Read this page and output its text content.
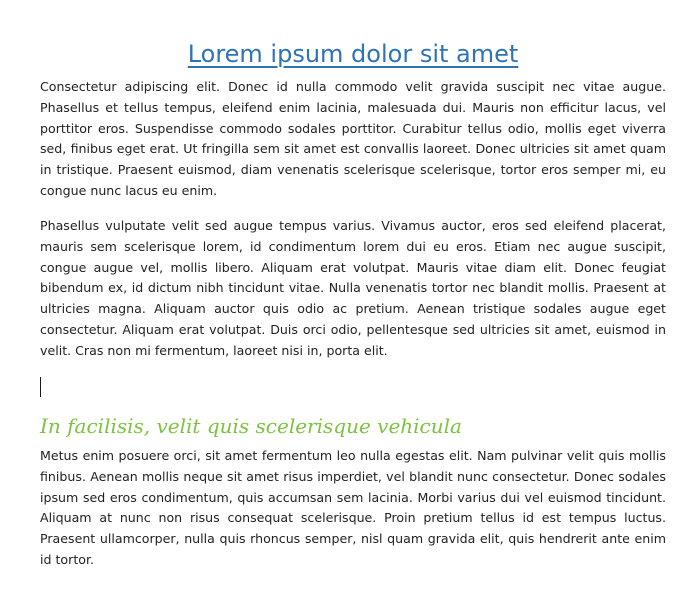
Lorem ipsum dolor sit amet

Consectetur adipiscing elit. Donec id nulla commodo velit gravida suscipit nec vitae augue. Phasellus et tellus tempus, eleifend enim lacinia, malesuada dui. Mauris non efficitur lacus, vel porttitor eros. Suspendisse commodo sodales porttitor. Curabitur tellus odio, mollis eget viverra sed, finibus eget erat. Ut fringilla sem sit amet est convallis laoreet. Donec ultricies sit amet quam in tristique. Praesent euismod, diam venenatis scelerisque scelerisque, tortor eros semper mi, eu congue nunc lacus eu enim.

Phasellus vulputate velit sed augue tempus varius. Vivamus auctor, eros sed eleifend placerat, mauris sem scelerisque lorem, id condimentum lorem dui eu eros. Etiam nec augue suscipit, congue augue vel, mollis libero. Aliquam erat volutpat. Mauris vitae diam elit. Donec feugiat bibendum ex, id dictum nibh tincidunt vitae. Nulla venenatis tortor nec blandit mollis. Praesent at ultricies magna. Aliquam auctor quis odio ac pretium. Aenean tristique sodales augue eget consectetur. Aliquam erat volutpat. Duis orci odio, pellentesque sed ultricies sit amet, euismod in velit. Cras non mi fermentum, laoreet nisi in, porta elit.

In facilisis, velit quis scelerisque vehicula

Metus enim posuere orci, sit amet fermentum leo nulla egestas elit. Nam pulvinar velit quis mollis finibus. Aenean mollis neque sit amet risus imperdiet, vel blandit nunc consectetur. Donec sodales ipsum sed eros condimentum, quis accumsan sem lacinia. Morbi varius dui vel euismod tincidunt. Aliquam at nunc non risus consequat scelerisque. Proin pretium tellus id est tempus luctus. Praesent ullamcorper, nulla quis rhoncus semper, nisl quam gravida elit, quis hendrerit ante enim id tortor.
